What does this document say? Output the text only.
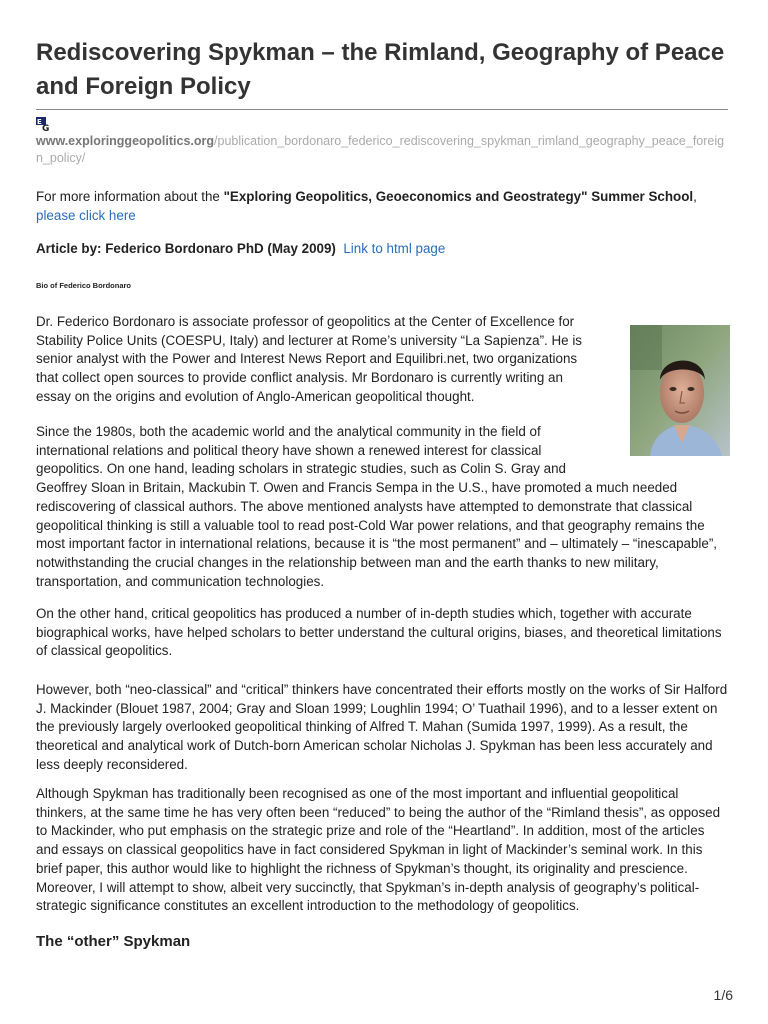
Rediscovering Spykman – the Rimland, Geography of Peace and Foreign Policy
E
G
www.exploringgeopolitics.org/publication_bordonaro_federico_rediscovering_spykman_rimland_geography_peace_foreign_policy/

For more information about the "Exploring Geopolitics, Geoeconomics and Geostrategy" Summer School,
please click here

Article by: Federico Bordonaro PhD (May 2009) Link to html page

Bio of Federico Bordonaro

Dr. Federico Bordonaro is associate professor of geopolitics at the Center of Excellence for Stability Police Units (COESPU, Italy) and lecturer at Rome’s university “La Sapienza”. He is senior analyst with the Power and Interest News Report and Equilibri.net, two organizations that collect open sources to provide conflict analysis. Mr Bordonaro is currently writing an essay on the origins and evolution of Anglo-American geopolitical thought.

Since the 1980s, both the academic world and the analytical community in the field of international relations and political theory have shown a renewed interest for classical geopolitics. On one hand, leading scholars in strategic studies, such as Colin S. Gray and Geoffrey Sloan in Britain, Mackubin T. Owen and Francis Sempa in the U.S., have promoted a much needed rediscovering of classical authors. The above mentioned analysts have attempted to demonstrate that classical geopolitical thinking is still a valuable tool to read post-Cold War power relations, and that geography remains the most important factor in international relations, because it is “the most permanent” and – ultimately – “inescapable”, notwithstanding the crucial changes in the relationship between man and the earth thanks to new military, transportation, and communication technologies.

On the other hand, critical geopolitics has produced a number of in-depth studies which, together with accurate biographical works, have helped scholars to better understand the cultural origins, biases, and theoretical limitations of classical geopolitics.

However, both “neo-classical” and “critical” thinkers have concentrated their efforts mostly on the works of Sir Halford J. Mackinder (Blouet 1987, 2004; Gray and Sloan 1999; Loughlin 1994; O’ Tuathail 1996), and to a lesser extent on the previously largely overlooked geopolitical thinking of Alfred T. Mahan (Sumida 1997, 1999). As a result, the theoretical and analytical work of Dutch-born American scholar Nicholas J. Spykman has been less accurately and less deeply reconsidered.

Although Spykman has traditionally been recognised as one of the most important and influential geopolitical thinkers, at the same time he has very often been “reduced” to being the author of the “Rimland thesis”, as opposed to Mackinder, who put emphasis on the strategic prize and role of the “Heartland”. In addition, most of the articles and essays on classical geopolitics have in fact considered Spykman in light of Mackinder’s seminal work. In this brief paper, this author would like to highlight the richness of Spykman’s thought, its originality and prescience. Moreover, I will attempt to show, albeit very succinctly, that Spykman’s in-depth analysis of geography’s political-strategic significance constitutes an excellent introduction to the methodology of geopolitics.

The “other” Spykman
1/6
